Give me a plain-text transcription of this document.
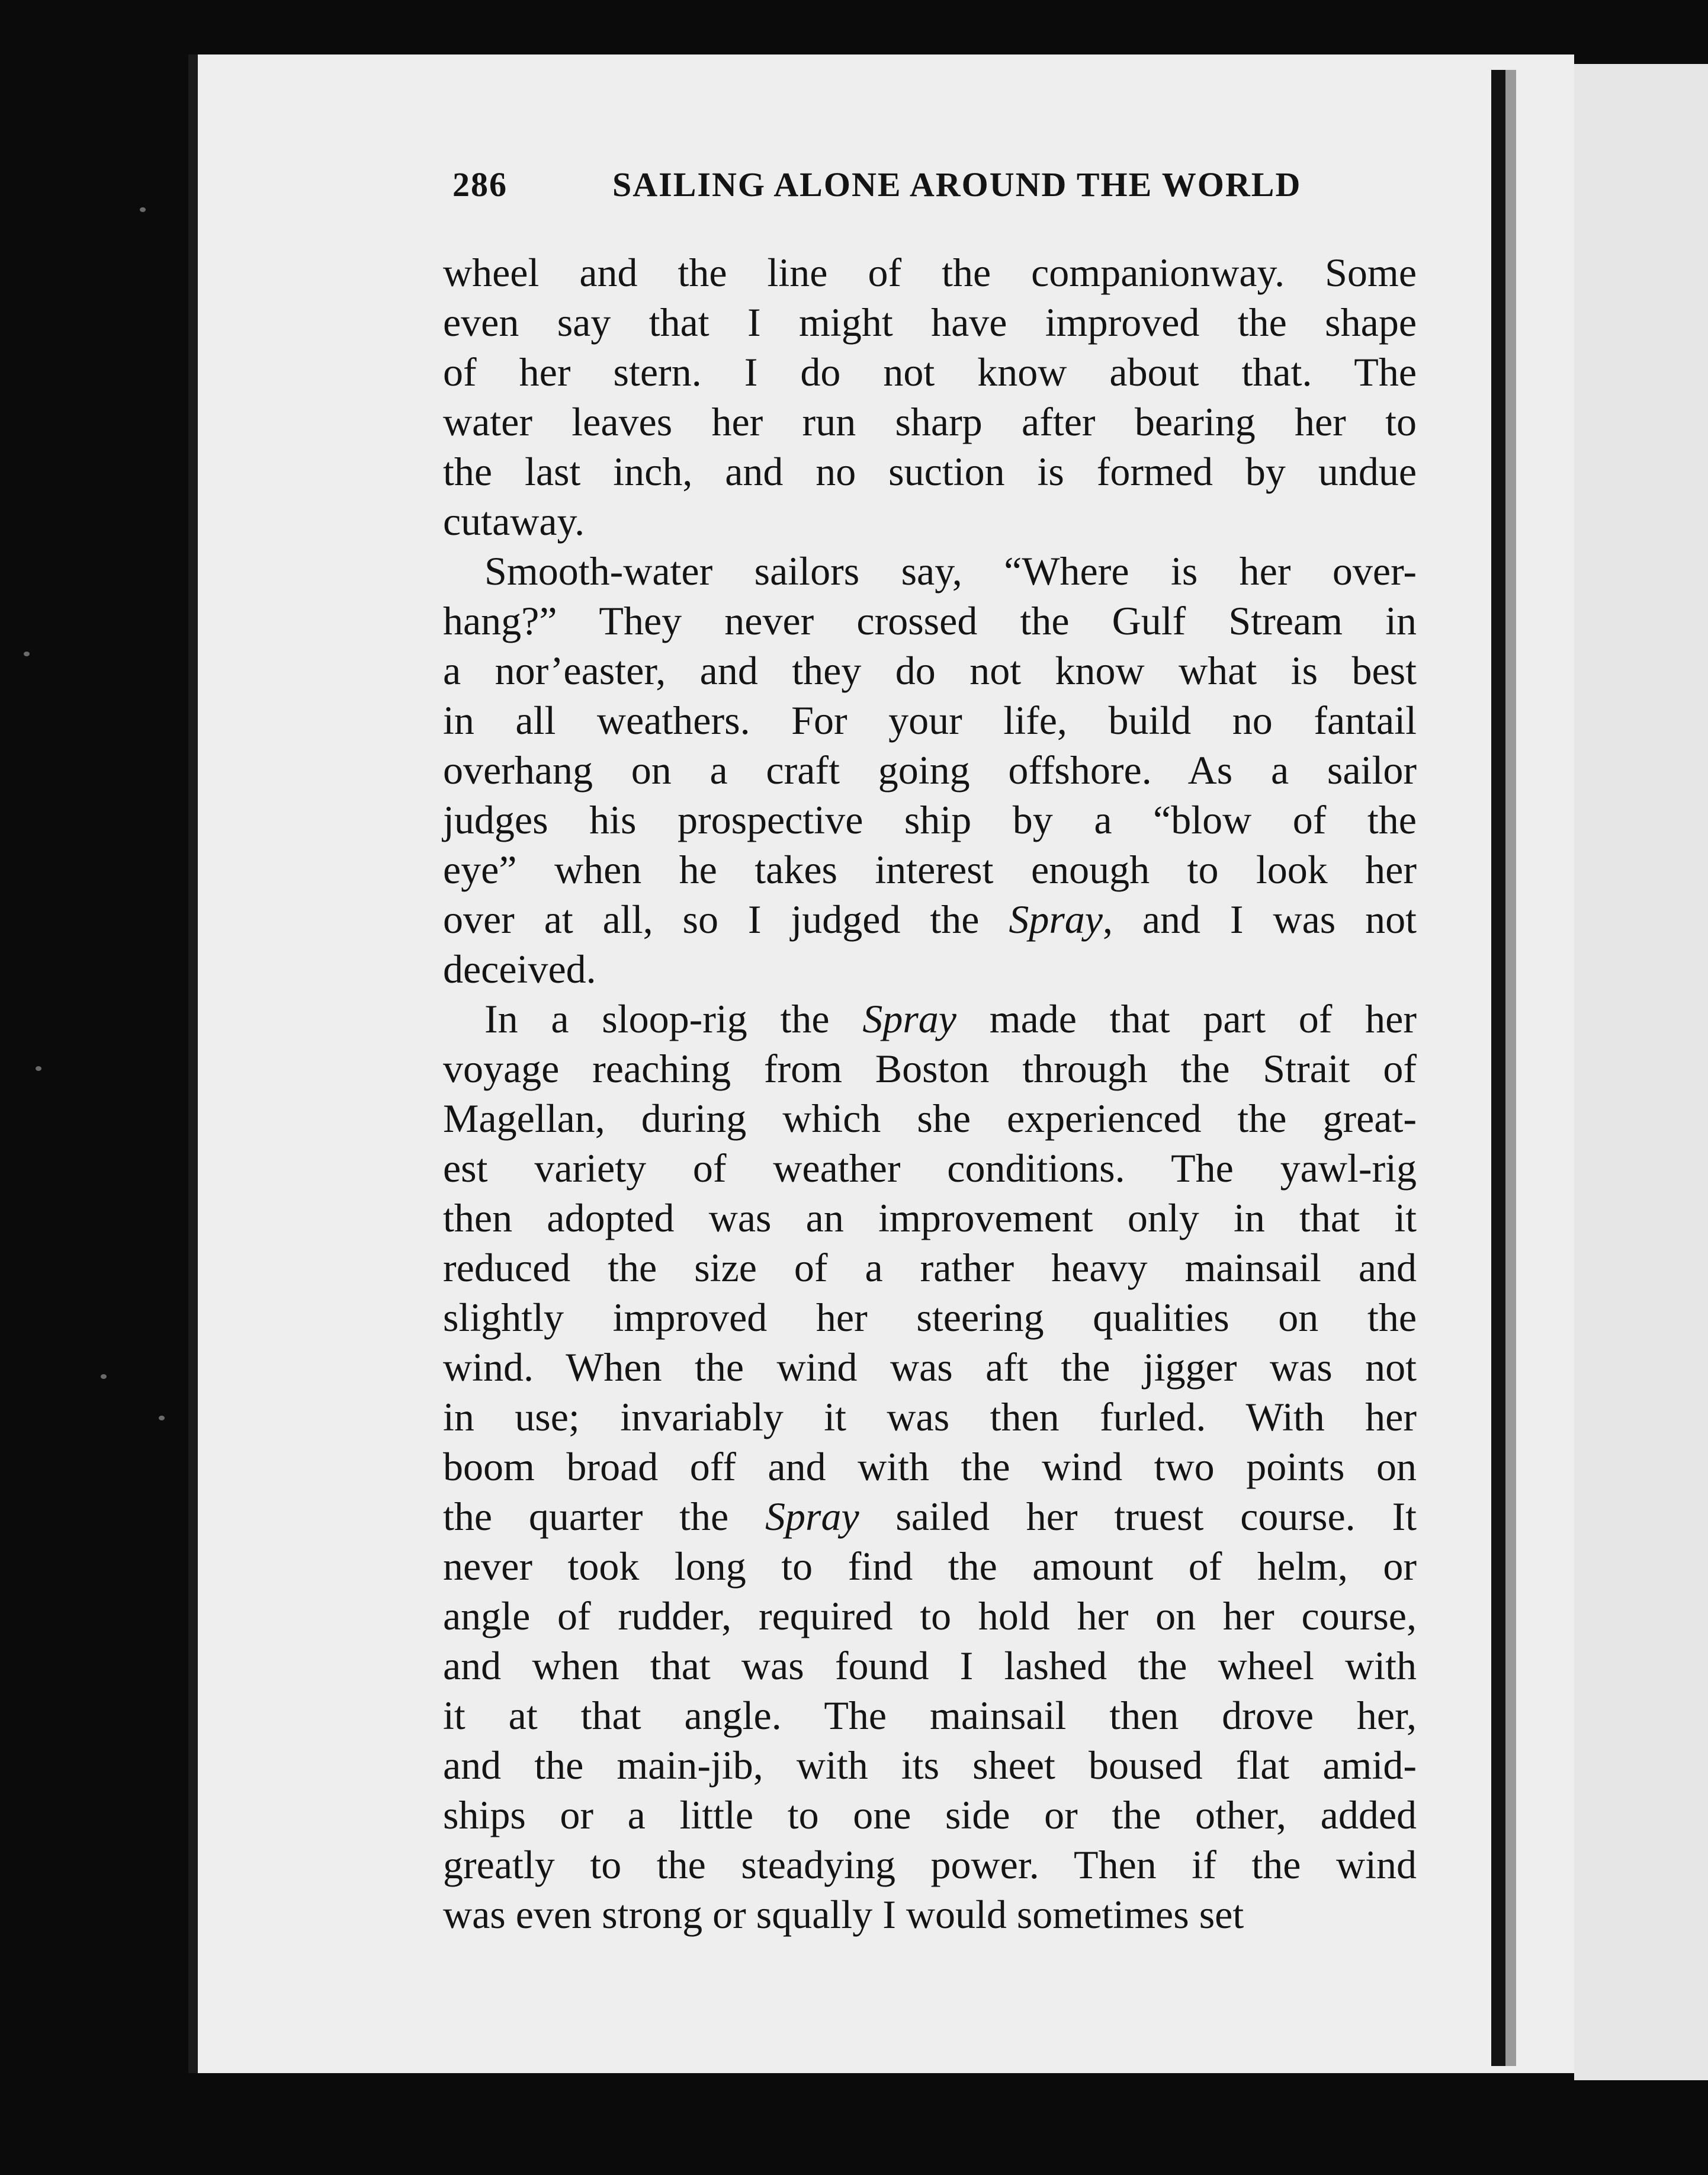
286	SAILING ALONE AROUND THE WORLD
wheel and the line of the companionway. Some
even say that I might have improved the shape
of her stern. I do not know about that. The
water leaves her run sharp after bearing her to
the last inch, and no suction is formed by undue
cutaway.
Smooth-water sailors say, “Where is her over-
hang?” They never crossed the Gulf Stream in
a nor’easter, and they do not know what is best
in all weathers. For your life, build no fantail
overhang on a craft going offshore. As a sailor
judges his prospective ship by a “blow of the
eye” when he takes interest enough to look her
over at all, so I judged the Spray, and I was not
deceived.
In a sloop-rig the Spray made that part of her
voyage reaching from Boston through the Strait of
Magellan, during which she experienced the great-
est variety of weather conditions. The yawl-rig
then adopted was an improvement only in that it
reduced the size of a rather heavy mainsail and
slightly improved her steering qualities on the
wind. When the wind was aft the jigger was not
in use; invariably it was then furled. With her
boom broad off and with the wind two points on
the quarter the Spray sailed her truest course. It
never took long to find the amount of helm, or
angle of rudder, required to hold her on her course,
and when that was found I lashed the wheel with
it at that angle. The mainsail then drove her,
and the main-jib, with its sheet boused flat amid-
ships or a little to one side or the other, added
greatly to the steadying power. Then if the wind
was even strong or squally I would sometimes set
